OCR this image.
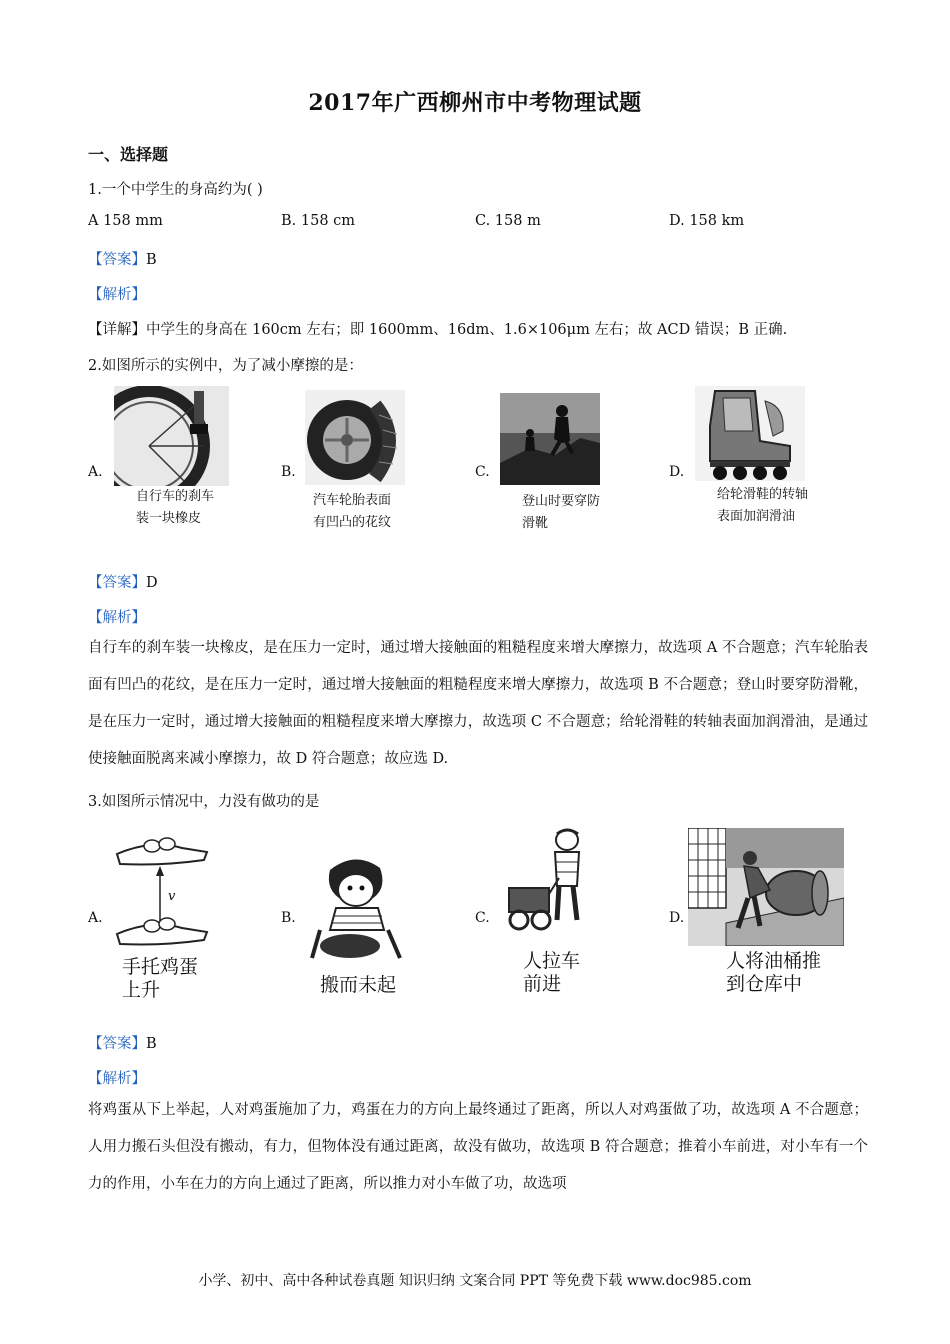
2017年广西柳州市中考物理试题
一、选择题
1.一个中学生的身高约为( )
A 158 mm	B. 158 cm	C. 158 m	D. 158 km
【答案】B
【解析】
【详解】中学生的身高在 160cm 左右；即 1600mm、16dm、1.6×106μm 左右；故 ACD 错误；B 正确.
2.如图所示的实例中，为了减小摩擦的是：
A.
自行车的刹车
装一块橡皮
B.
汽车轮胎表面
有凹凸的花纹
C.
登山时要穿防
滑靴
D.
给轮滑鞋的转轴
表面加润滑油
【答案】D
【解析】
自行车的刹车装一块橡皮，是在压力一定时，通过增大接触面的粗糙程度来增大摩擦力，故选项 A 不合题意；汽车轮胎表面有凹凸的花纹，是在压力一定时，通过增大接触面的粗糙程度来增大摩擦力，故选项 B 不合题意；登山时要穿防滑靴，是在压力一定时，通过增大接触面的粗糙程度来增大摩擦力，故选项 C 不合题意；给轮滑鞋的转轴表面加润滑油，是通过使接触面脱离来减小摩擦力，故 D 符合题意；故应选 D.
3.如图所示情况中，力没有做功的是
A.
v
手托鸡蛋
上升
B.
搬而未起
C.
人拉车
前进
D.
人将油桶推
到仓库中
【答案】B
【解析】
将鸡蛋从下上举起，人对鸡蛋施加了力，鸡蛋在力的方向上最终通过了距离，所以人对鸡蛋做了功，故选项 A 不合题意；人用力搬石头但没有搬动，有力，但物体没有通过距离，故没有做功，故选项 B 符合题意；推着小车前进，对小车有一个力的作用，小车在力的方向上通过了距离，所以推力对小车做了功，故选项
小学、初中、高中各种试卷真题 知识归纳 文案合同 PPT 等免费下载 www.doc985.com
